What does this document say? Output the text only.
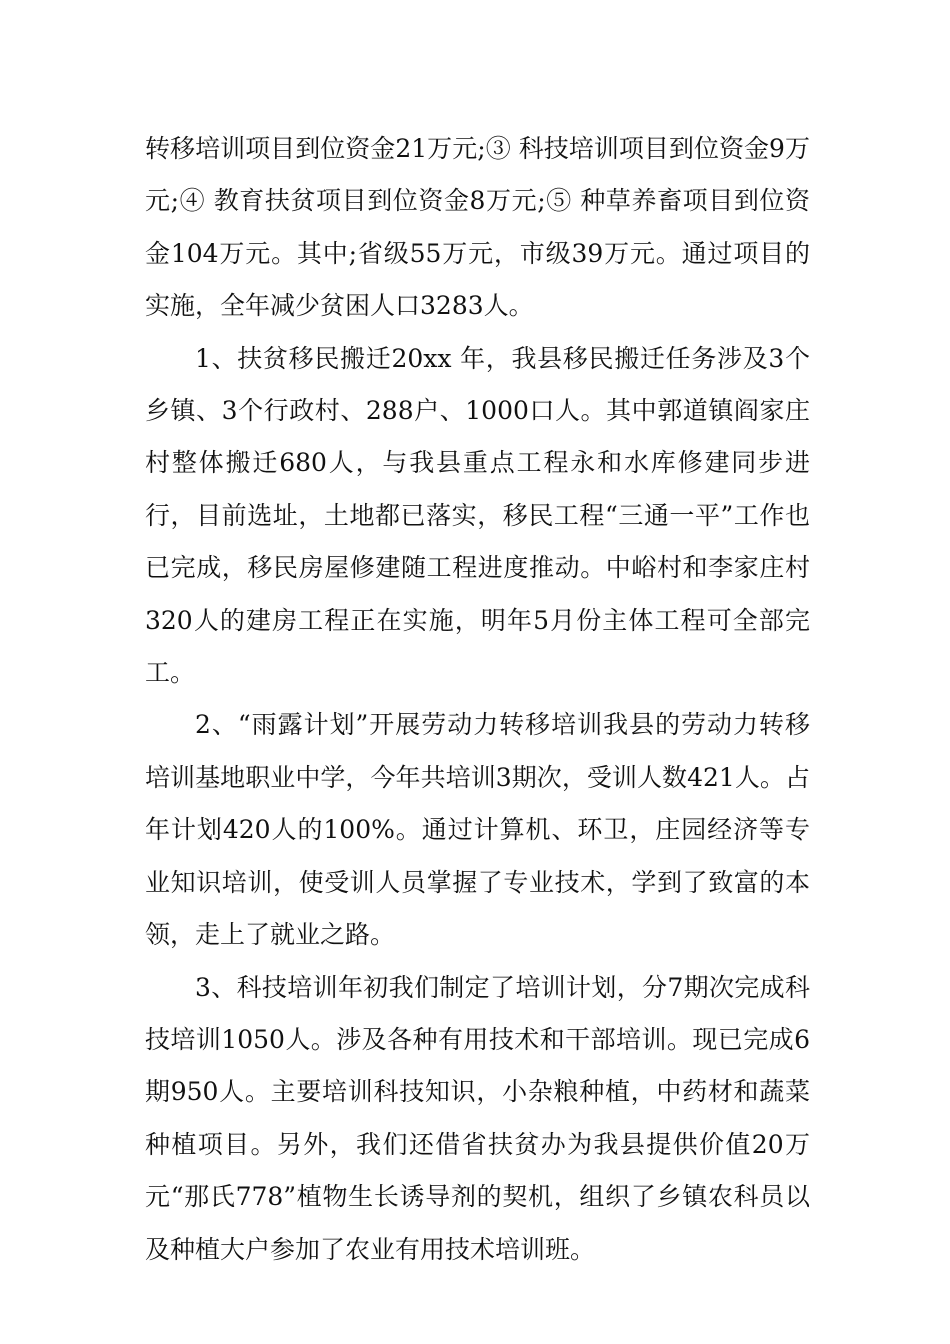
转移培训项目到位资金21万元;③ 科技培训项目到位资金9万元;④ 教育扶贫项目到位资金8万元;⑤ 种草养畜项目到位资金104万元。其中;省级55万元，市级39万元。通过项目的实施，全年减少贫困人口3283人。

1、扶贫移民搬迁20xx 年，我县移民搬迁任务涉及3个乡镇、3个行政村、288户、1000口人。其中郭道镇阎家庄村整体搬迁680人，与我县重点工程永和水库修建同步进行，目前选址，土地都已落实，移民工程“三通一平”工作也已完成，移民房屋修建随工程进度推动。中峪村和李家庄村320人的建房工程正在实施，明年5月份主体工程可全部完工。

2、“雨露计划”开展劳动力转移培训我县的劳动力转移培训基地职业中学，今年共培训3期次，受训人数421人。占年计划420人的100%。通过计算机、环卫，庄园经济等专业知识培训，使受训人员掌握了专业技术，学到了致富的本领，走上了就业之路。

3、科技培训年初我们制定了培训计划，分7期次完成科技培训1050人。涉及各种有用技术和干部培训。现已完成6期950人。主要培训科技知识，小杂粮种植，中药材和蔬菜种植项目。另外，我们还借省扶贫办为我县提供价值20万元“那氏778”植物生长诱导剂的契机，组织了乡镇农科员以及种植大户参加了农业有用技术培训班。
